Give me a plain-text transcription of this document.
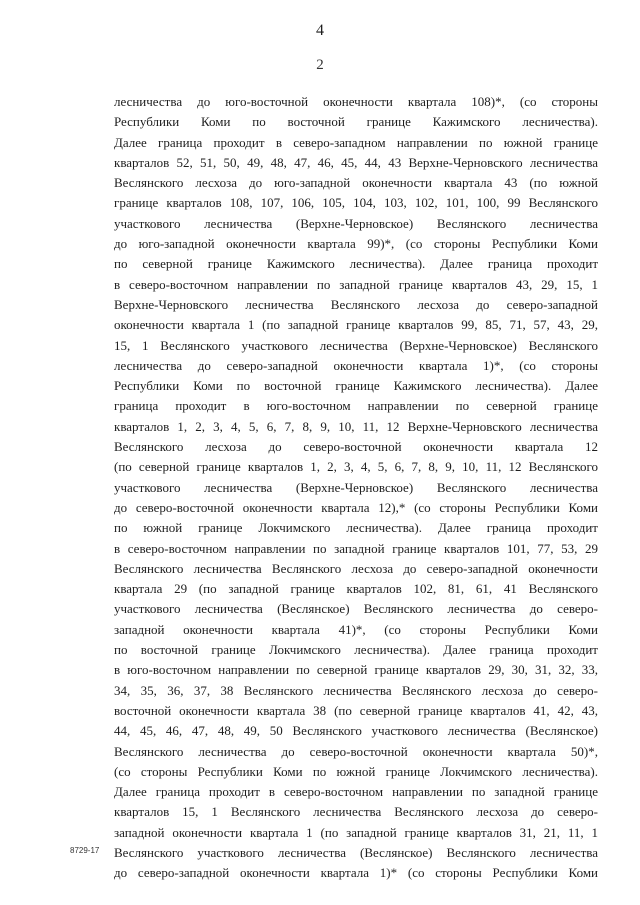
4
2
лесничества до юго-восточной оконечности квартала 108)*, (со стороны
Республики Коми по восточной границе Кажимского лесничества).
Далее граница проходит в северо-западном направлении по южной границе
кварталов 52, 51, 50, 49, 48, 47, 46, 45, 44, 43 Верхне-Черновского лесничества
Веслянского лесхоза до юго-западной оконечности квартала 43 (по южной
границе кварталов 108, 107, 106, 105, 104, 103, 102, 101, 100, 99 Веслянского
участкового лесничества (Верхне-Черновское) Веслянского лесничества
до юго-западной оконечности квартала 99)*, (со стороны Республики Коми
по северной границе Кажимского лесничества). Далее граница проходит
в северо-восточном направлении по западной границе кварталов 43, 29, 15, 1
Верхне-Черновского лесничества Веслянского лесхоза до северо-западной
оконечности квартала 1 (по западной границе кварталов 99, 85, 71, 57, 43, 29,
15, 1 Веслянского участкового лесничества (Верхне-Черновское) Веслянского
лесничества до северо-западной оконечности квартала 1)*, (со стороны
Республики Коми по восточной границе Кажимского лесничества). Далее
граница проходит в юго-восточном направлении по северной границе
кварталов 1, 2, 3, 4, 5, 6, 7, 8, 9, 10, 11, 12 Верхне-Черновского лесничества
Веслянского лесхоза до северо-восточной оконечности квартала 12
(по северной границе кварталов 1, 2, 3, 4, 5, 6, 7, 8, 9, 10, 11, 12 Веслянского
участкового лесничества (Верхне-Черновское) Веслянского лесничества
до северо-восточной оконечности квартала 12),* (со стороны Республики Коми
по южной границе Локчимского лесничества). Далее граница проходит
в северо-восточном направлении по западной границе кварталов 101, 77, 53, 29
Веслянского лесничества Веслянского лесхоза до северо-западной оконечности
квартала 29 (по западной границе кварталов 102, 81, 61, 41 Веслянского
участкового лесничества (Веслянское) Веслянского лесничества до северо-
западной оконечности квартала 41)*, (со стороны Республики Коми
по восточной границе Локчимского лесничества). Далее граница проходит
в юго-восточном направлении по северной границе кварталов 29, 30, 31, 32, 33,
34, 35, 36, 37, 38 Веслянского лесничества Веслянского лесхоза до северо-
восточной оконечности квартала 38 (по северной границе кварталов 41, 42, 43,
44, 45, 46, 47, 48, 49, 50 Веслянского участкового лесничества (Веслянское)
Веслянского лесничества до северо-восточной оконечности квартала 50)*,
(со стороны Республики Коми по южной границе Локчимского лесничества).
Далее граница проходит в северо-восточном направлении по западной границе
кварталов 15, 1 Веслянского лесничества Веслянского лесхоза до северо-
западной оконечности квартала 1 (по западной границе кварталов 31, 21, 11, 1
Веслянского участкового лесничества (Веслянское) Веслянского лесничества
до северо-западной оконечности квартала 1)* (со стороны Республики Коми
8729-17
